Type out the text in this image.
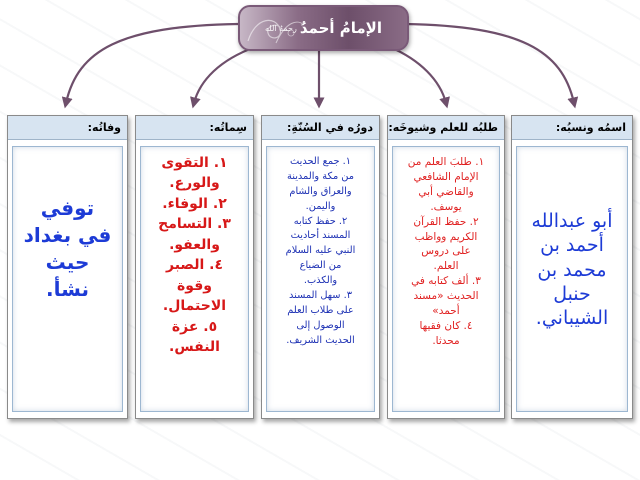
الإمامُ أحمدُ
رحمهُ الله
اسمُه ونسبُه:
أبو عبدالله
أحمد بن
محمد بن
حنبل
الشيباني.
طلبُه للعلم وشيوخَه:
١. طلبَ العلم من
الإمام الشافعي
والقاضي أبي
يوسف.
٢. حفظ القرآن
الكريم وواظب
على دروس
العلم.
٣. ألف كتابه في
الحديث «مسند
أحمد»
٤. كان فقيها
محدثا.
دورُه في السُنّةِ:
١. جمع الحديث
من مكة والمدينة
والعراق والشام
واليمن.
٢. حفظ كتابه
المسند أحاديث
النبي عليه السلام
من الضياع
والكذب.
٣. سهل المسند
على طلاب العلم
الوصول إلى
الحديث الشريف.
سِماتُه:
١. التقوى
والورع.
٢. الوفاء.
٣. التسامح
والعفو.
٤. الصبر
وقوة
الاحتمال.
٥. عزة
النفس.
وفاتُه:
توفي
في بغداد
حيث
نشأ.
